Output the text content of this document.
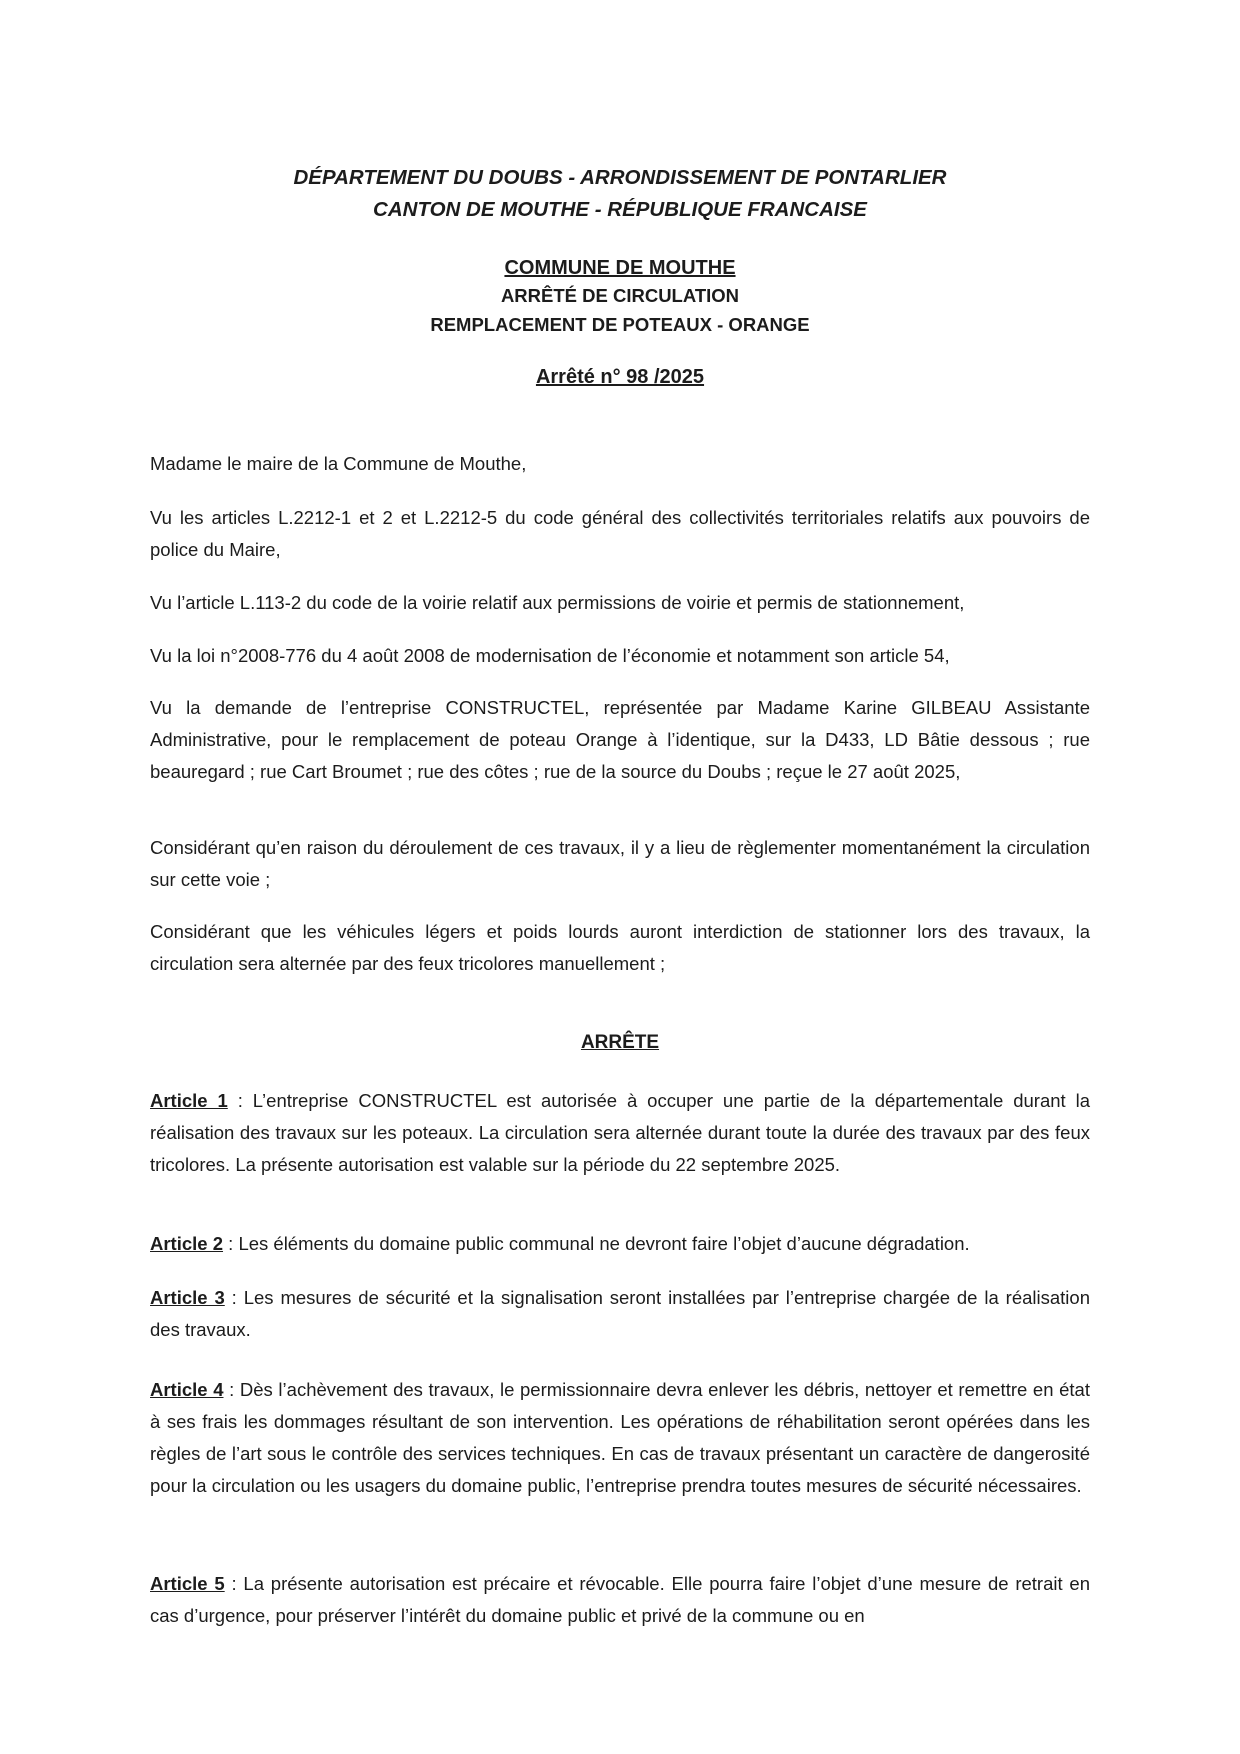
DÉPARTEMENT DU DOUBS - ARRONDISSEMENT DE PONTARLIER
CANTON DE MOUTHE - RÉPUBLIQUE FRANCAISE
COMMUNE DE MOUTHE
ARRÊTÉ DE CIRCULATION
REMPLACEMENT DE POTEAUX - ORANGE
Arrêté n° 98 /2025

Madame le maire de la Commune de Mouthe,

Vu les articles L.2212-1 et 2 et L.2212-5 du code général des collectivités territoriales relatifs aux pouvoirs de police du Maire,

Vu l’article L.113-2 du code de la voirie relatif aux permissions de voirie et permis de stationnement,

Vu la loi n°2008-776 du 4 août 2008 de modernisation de l’économie et notamment son article 54,

Vu la demande de l’entreprise CONSTRUCTEL, représentée par Madame Karine GILBEAU Assistante Administrative, pour le remplacement de poteau Orange à l’identique, sur la D433, LD Bâtie dessous ; rue beauregard ; rue Cart Broumet ; rue des côtes ; rue de la source du Doubs ; reçue le 27 août 2025,

Considérant qu’en raison du déroulement de ces travaux, il y a lieu de règlementer momentanément la circulation sur cette voie ;

Considérant que les véhicules légers et poids lourds auront interdiction de stationner lors des travaux, la circulation sera alternée par des feux tricolores manuellement ;

ARRÊTE

Article 1 : L’entreprise CONSTRUCTEL est autorisée à occuper une partie de la départementale durant la réalisation des travaux sur les poteaux. La circulation sera alternée durant toute la durée des travaux par des feux tricolores. La présente autorisation est valable sur la période du 22 septembre 2025.

Article 2 : Les éléments du domaine public communal ne devront faire l’objet d’aucune dégradation.

Article 3 : Les mesures de sécurité et la signalisation seront installées par l’entreprise chargée de la réalisation des travaux.

Article 4 : Dès l’achèvement des travaux, le permissionnaire devra enlever les débris, nettoyer et remettre en état à ses frais les dommages résultant de son intervention. Les opérations de réhabilitation seront opérées dans les règles de l’art sous le contrôle des services techniques. En cas de travaux présentant un caractère de dangerosité pour la circulation ou les usagers du domaine public, l’entreprise prendra toutes mesures de sécurité nécessaires.

Article 5 : La présente autorisation est précaire et révocable. Elle pourra faire l’objet d’une mesure de retrait en cas d’urgence, pour préserver l’intérêt du domaine public et privé de la commune ou en
